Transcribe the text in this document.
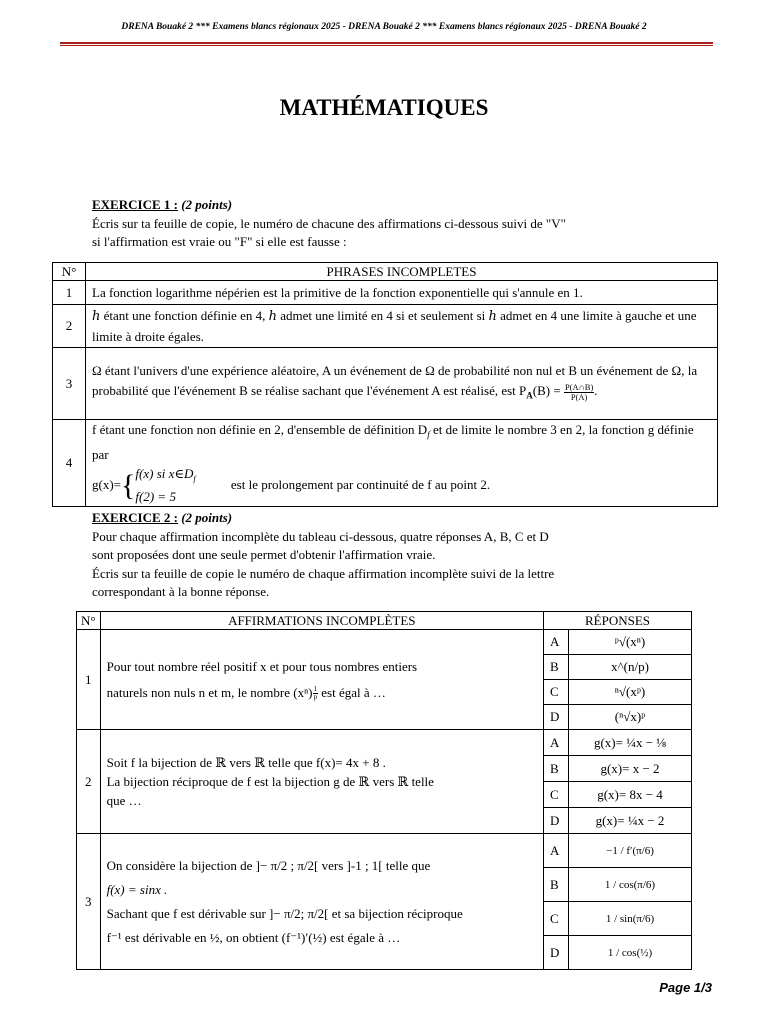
DRENA Bouaké 2 *** Examens blancs régionaux 2025 - DRENA Bouaké 2 *** Examens blancs régionaux 2025 - DRENA Bouaké 2
MATHÉMATIQUES
EXERCICE 1 : (2 points)
Écris sur ta feuille de copie, le numéro de chacune des affirmations ci-dessous suivi de "V"
si l'affirmation est vraie ou "F" si elle est fausse :
N°	PHRASES INCOMPLETES
1	La fonction logarithme népérien est la primitive de la fonction exponentielle qui s'annule en 1.
2	ℎ étant une fonction définie en 4, ℎ admet une limité en 4 si et seulement si ℎ admet en 4 une limite à gauche et une limite à droite égales.
3	Ω étant l'univers d'une expérience aléatoire, A un événement de Ω de probabilité non nul et B un événement de Ω, la probabilité que l'événement B se réalise sachant que l'événement A est réalisé, est $P_A(B) = \frac{P(A\cap B)}{P(A)}$ .
4	f étant une fonction non définie en 2, d'ensemble de définition $D_f$ et de limite le nombre 3 en 2, la fonction g définie par
g(x)={f(x) si $x\in D_f$
f(2) = 5 est le prolongement par continuité de f au point 2.
EXERCICE 2 : (2 points)
Pour chaque affirmation incomplète du tableau ci-dessous, quatre réponses A, B, C et D
sont proposées dont une seule permet d'obtenir l'affirmation vraie.
Écris sur ta feuille de copie le numéro de chaque affirmation incomplète suivi de la lettre
correspondant à la bonne réponse.
N°	AFFIRMATIONS INCOMPLÈTES	RÉPONSES	
1	Pour tout nombre réel positif x et pour tous nombres entiers
naturels non nuls n et m, le nombre $(x^n) \frac{1}{p}$ est égal à …	A	ᵖ√(xⁿ)
		B	x^(n/p)
		C	ⁿ√(xᵖ)
		D	(ⁿ√x)ᵖ
2	Soit f la bijection de ℝ vers ℝ telle que f(x)= 4x + 8 .
La bijection réciproque de f est la bijection g de ℝ vers ℝ telle
que …	A	g(x)= ¼x − ⅛
		B	g(x)= x − 2
		C	g(x)= 8x − 4
		D	g(x)= ¼x − 2
3	On considère la bijection de ]− π/2 ; π/2[ vers ]-1 ; 1[ telle que
f(x) = sinx .
Sachant que f est dérivable sur ]− π/2; π/2[ et sa bijection réciproque
f⁻¹ est dérivable en ½, on obtient (f⁻¹)′(½) est égale à …	A	−1 / f′(π/6)
		B	1 / cos(π/6)
		C	1 / sin(π/6)
		D	1 / cos(½)
Page 1/3
